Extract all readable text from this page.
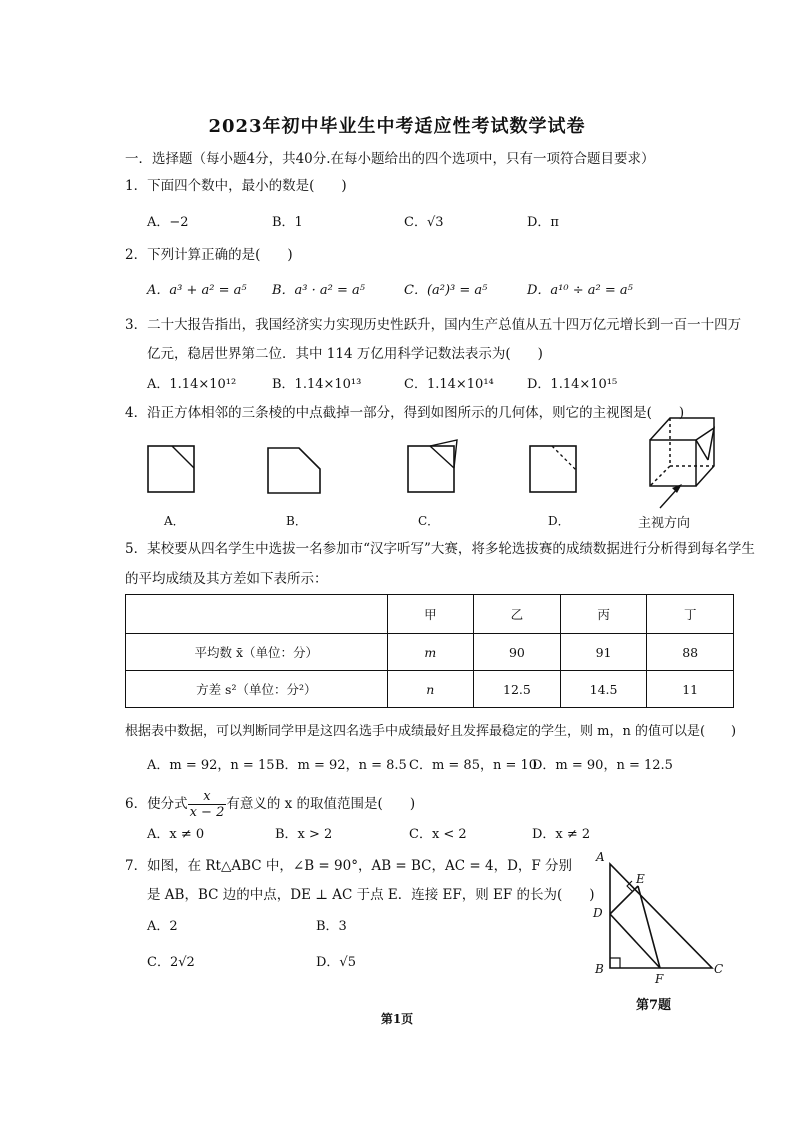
2023年初中毕业生中考适应性考试数学试卷
一．选择题（每小题4分，共40分.在每小题给出的四个选项中，只有一项符合题目要求）
1．下面四个数中，最小的数是(　　)
A．−2	B．1	C．√3	D．π
2．下列计算正确的是(　　)
A．a³ + a² = a⁵ B．a³ · a² = a⁵	C．(a²)³ = a⁵	D．a¹⁰ ÷ a² = a⁵
3．二十大报告指出，我国经济实力实现历史性跃升，国内生产总值从五十四万亿元增长到一百一十四万
亿元，稳居世界第二位．其中 114 万亿用科学记数法表示为(　　)
A．1.14×10¹²	B．1.14×10¹³	C．1.14×10¹⁴	D．1.14×10¹⁵
4．沿正方体相邻的三条棱的中点截掉一部分，得到如图所示的几何体，则它的主视图是(　　)
A．	B．	C．	D．	主视方向
5．某校要从四名学生中选拔一名参加市“汉字听写”大赛，将多轮选拔赛的成绩数据进行分析得到每名学生
的平均成绩及其方差如下表所示：
	甲	乙	丙	丁
平均数 x̄（单位：分）	m	90	91	88
方差 s²（单位：分²）	n	12.5	14.5	11
根据表中数据，可以判断同学甲是这四名选手中成绩最好且发挥最稳定的学生，则 m，n 的值可以是(　　)
A．m = 92，n = 15 B．m = 92，n = 8.5 C．m = 85，n = 10
D．m = 90，n = 12.5
6．使分式 $\frac{x}{x - 2}$ 有意义的 x 的取值范围是(　　)
A．x ≠ 0	B．x > 2	C．x < 2	D．x ≠ 2
7．如图，在 Rt△ABC 中，∠B = 90°，AB = BC，AC = 4，D，F 分别
是 AB，BC 边的中点，DE ⊥ AC 于点 E．连接 EF，则 EF 的长为(　　)
A．2	B．3
C．2√2	D．√5
A
E
D
B
F
C
第7题
第1页
